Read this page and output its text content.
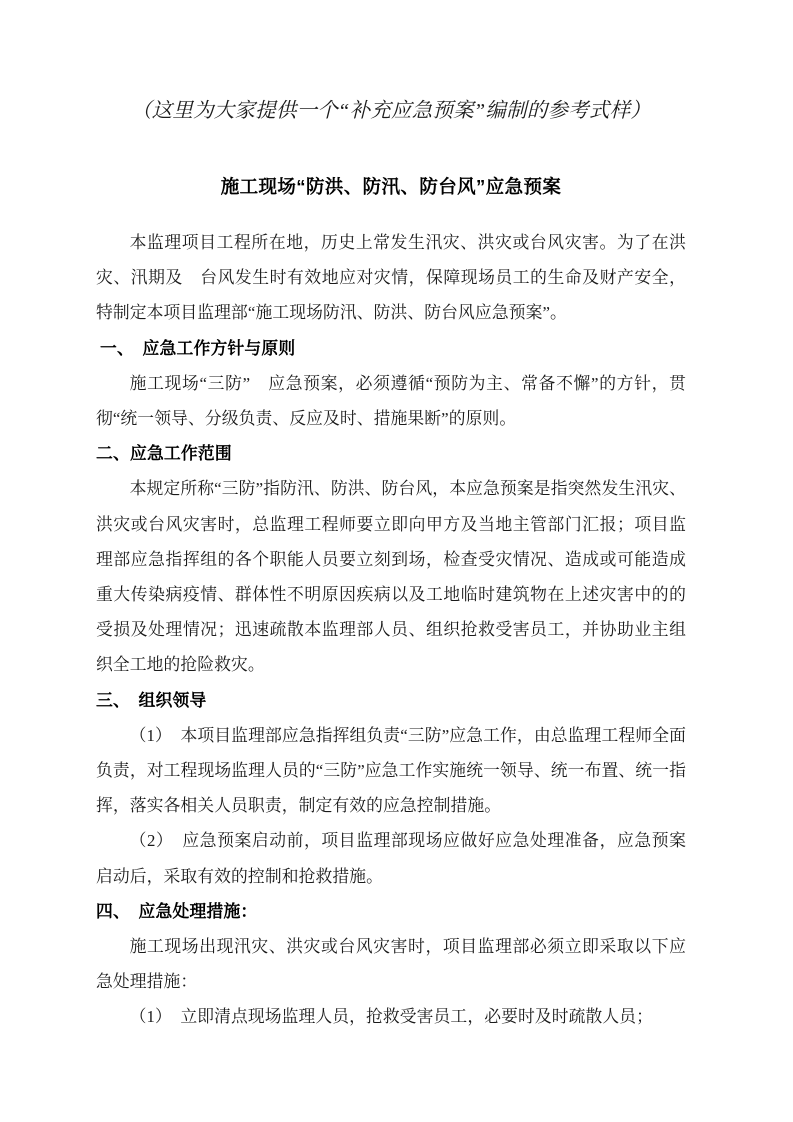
（这里为大家提供一个“补充应急预案”编制的参考式样）
施工现场“防洪、防汛、防台风”应急预案

本监理项目工程所在地，历史上常发生汛灾、洪灾或台风灾害。为了在洪灾、汛期及　台风发生时有效地应对灾情，保障现场员工的生命及财产安全，特制定本项目监理部“施工现场防汛、防洪、防台风应急预案”。

一、　应急工作方针与原则

施工现场“三防”　应急预案，必须遵循“预防为主、常备不懈”的方针，贯彻“统一领导、分级负责、反应及时、措施果断”的原则。

二、应急工作范围

本规定所称“三防”指防汛、防洪、防台风，本应急预案是指突然发生汛灾、洪灾或台风灾害时，总监理工程师要立即向甲方及当地主管部门汇报；项目监理部应急指挥组的各个职能人员要立刻到场，检查受灾情况、造成或可能造成重大传染病疫情、群体性不明原因疾病以及工地临时建筑物在上述灾害中的的受损及处理情况；迅速疏散本监理部人员、组织抢救受害员工，并协助业主组织全工地的抢险救灾。

三、　组织领导

（1）　本项目监理部应急指挥组负责“三防”应急工作，由总监理工程师全面负责，对工程现场监理人员的“三防”应急工作实施统一领导、统一布置、统一指挥，落实各相关人员职责，制定有效的应急控制措施。

（2）　应急预案启动前，项目监理部现场应做好应急处理准备，应急预案启动后，采取有效的控制和抢救措施。

四、　应急处理措施：

施工现场出现汛灾、洪灾或台风灾害时，项目监理部必须立即采取以下应急处理措施：

（1）　立即清点现场监理人员，抢救受害员工，必要时及时疏散人员；
